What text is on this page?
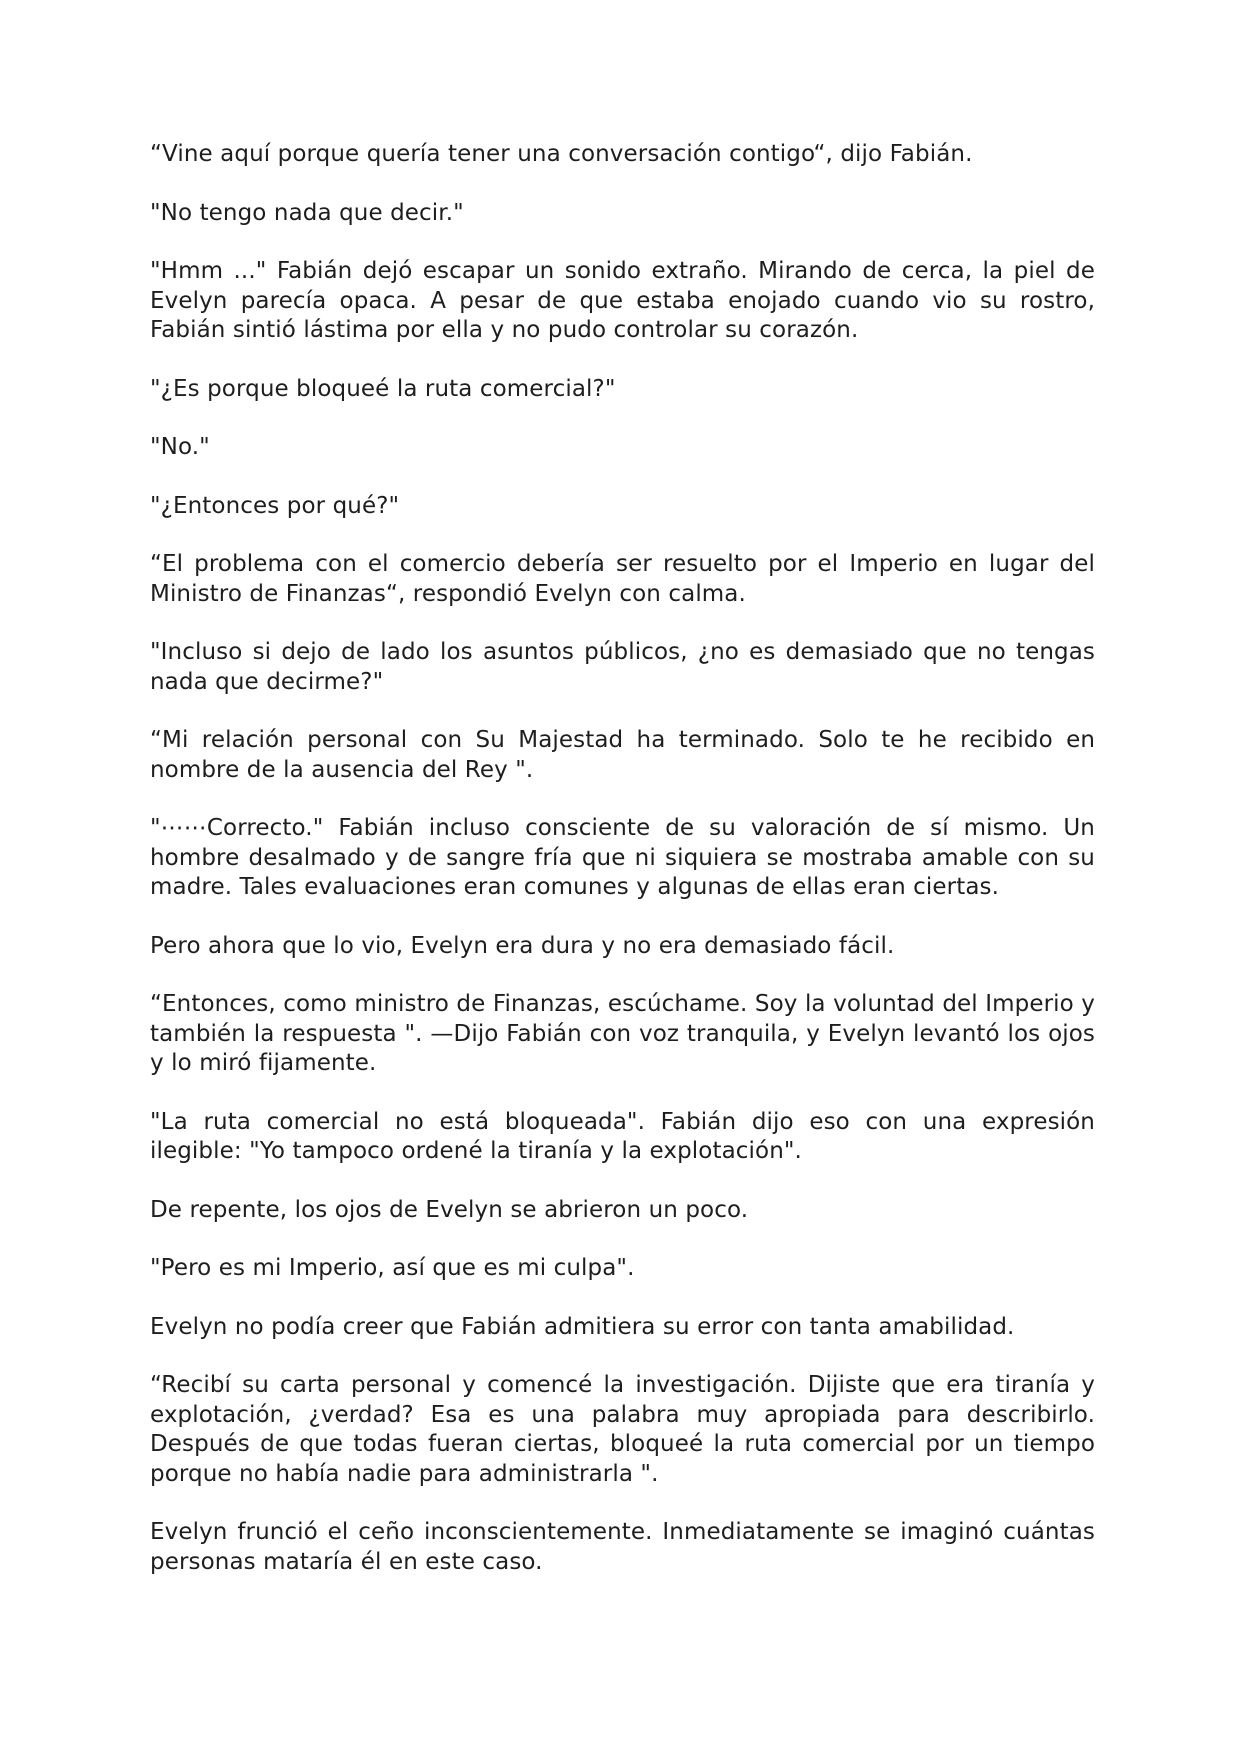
“Vine aquí porque quería tener una conversación contigo“, dijo Fabián.

"No tengo nada que decir."

"Hmm ..." Fabián dejó escapar un sonido extraño. Mirando de cerca, la piel de Evelyn parecía opaca. A pesar de que estaba enojado cuando vio su rostro, Fabián sintió lástima por ella y no pudo controlar su corazón.

"¿Es porque bloqueé la ruta comercial?"

"No."

"¿Entonces por qué?"

“El problema con el comercio debería ser resuelto por el Imperio en lugar del Ministro de Finanzas“, respondió Evelyn con calma.

"Incluso si dejo de lado los asuntos públicos, ¿no es demasiado que no tengas nada que decirme?"

“Mi relación personal con Su Majestad ha terminado. Solo te he recibido en nombre de la ausencia del Rey ".

"⋯⋯Correcto." Fabián incluso consciente de su valoración de sí mismo. Un hombre desalmado y de sangre fría que ni siquiera se mostraba amable con su madre. Tales evaluaciones eran comunes y algunas de ellas eran ciertas.

Pero ahora que lo vio, Evelyn era dura y no era demasiado fácil.

“Entonces, como ministro de Finanzas, escúchame. Soy la voluntad del Imperio y también la respuesta ". —Dijo Fabián con voz tranquila, y Evelyn levantó los ojos y lo miró fijamente.

"La ruta comercial no está bloqueada". Fabián dijo eso con una expresión ilegible: "Yo tampoco ordené la tiranía y la explotación".

De repente, los ojos de Evelyn se abrieron un poco.

"Pero es mi Imperio, así que es mi culpa".

Evelyn no podía creer que Fabián admitiera su error con tanta amabilidad.

“Recibí su carta personal y comencé la investigación. Dijiste que era tiranía y explotación, ¿verdad? Esa es una palabra muy apropiada para describirlo. Después de que todas fueran ciertas, bloqueé la ruta comercial por un tiempo porque no había nadie para administrarla ".

Evelyn frunció el ceño inconscientemente. Inmediatamente se imaginó cuántas personas mataría él en este caso.
